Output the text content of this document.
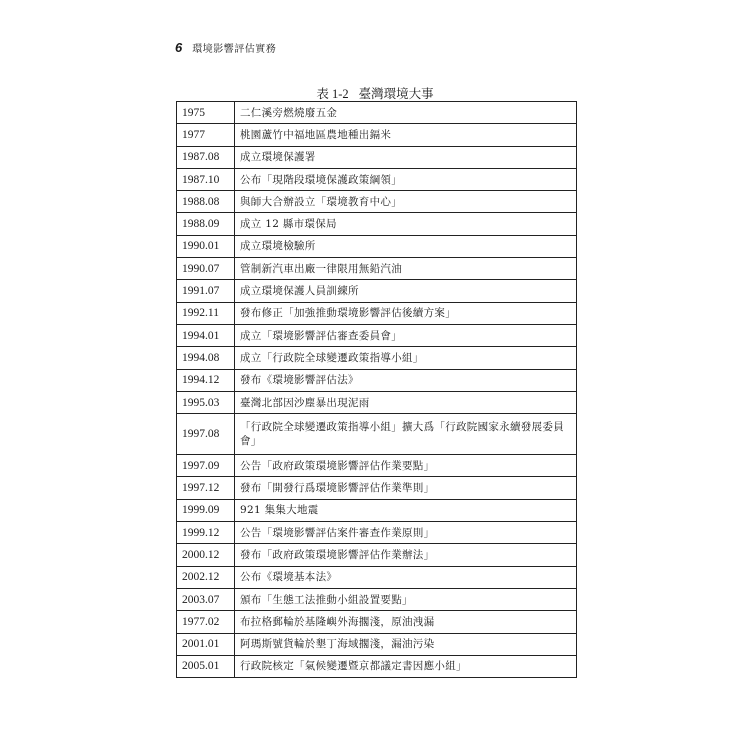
6 環境影響評估實務
表 1-2 臺灣環境大事
1975	二仁溪旁燃燒廢五金
1977	桃園蘆竹中福地區農地種出鎘米
1987.08	成立環境保護署
1987.10	公布「現階段環境保護政策綱領」
1988.08	與師大合辦設立「環境教育中心」
1988.09	成立 12 縣市環保局
1990.01	成立環境檢驗所
1990.07	管制新汽車出廠一律限用無鉛汽油
1991.07	成立環境保護人員訓練所
1992.11	發布修正「加強推動環境影響評估後續方案」
1994.01	成立「環境影響評估審查委員會」
1994.08	成立「行政院全球變遷政策指導小組」
1994.12	發布《環境影響評估法》
1995.03	臺灣北部因沙塵暴出現泥雨
1997.08	「行政院全球變遷政策指導小組」擴大爲「行政院國家永續發展委員會」
1997.09	公告「政府政策環境影響評估作業要點」
1997.12	發布「開發行爲環境影響評估作業準則」
1999.09	921 集集大地震
1999.12	公告「環境影響評估案件審查作業原則」
2000.12	發布「政府政策環境影響評估作業辦法」
2002.12	公布《環境基本法》
2003.07	頒布「生態工法推動小組設置要點」
1977.02	布拉格郵輪於基隆嶼外海擱淺，原油洩漏
2001.01	阿瑪斯號貨輪於墾丁海域擱淺，漏油污染
2005.01	行政院核定「氣候變遷暨京都議定書因應小組」
